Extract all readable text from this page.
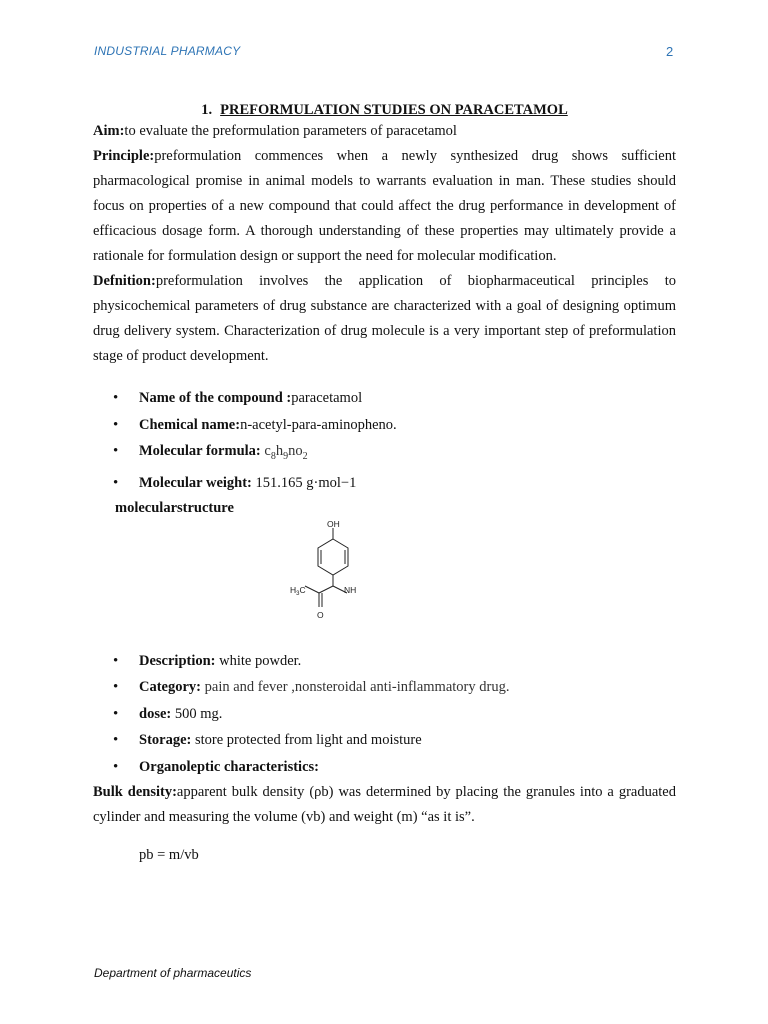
INDUSTRIAL PHARMACY	2
1. PREFORMULATION STUDIES ON PARACETAMOL

Aim:to evaluate the preformulation parameters of paracetamol

Principle:preformulation commences when a newly synthesized drug shows sufficient pharmacological promise in animal models to warrants evaluation in man. These studies should focus on properties of a new compound that could affect the drug performance in development of efficacious dosage form. A thorough understanding of these properties may ultimately provide a rationale for formulation design or support the need for molecular modification.

Defnition:preformulation involves the application of biopharmaceutical principles to physicochemical parameters of drug substance are characterized with a goal of designing optimum drug delivery system. Characterization of drug molecule is a very important step of preformulation stage of product development.

• Name of the compound :paracetamol
• Chemical name:n-acetyl-para-aminopheno.
• Molecular formula: $c_8h_9no_2$
• Molecular weight: 151.165 g·mol−1
molecularstructure
OH
NH
O
$H_3C$
• Description: white powder.
• Category: pain and fever ,nonsteroidal anti-inflammatory drug.
• dose: 500 mg.
• Storage: store protected from light and moisture
• Organoleptic characteristics:

Bulk density:apparent bulk density (ρb) was determined by placing the granules into a graduated cylinder and measuring the volume (vb) and weight (m) “as it is”.

pb = m/vb
Department of pharmaceutics
